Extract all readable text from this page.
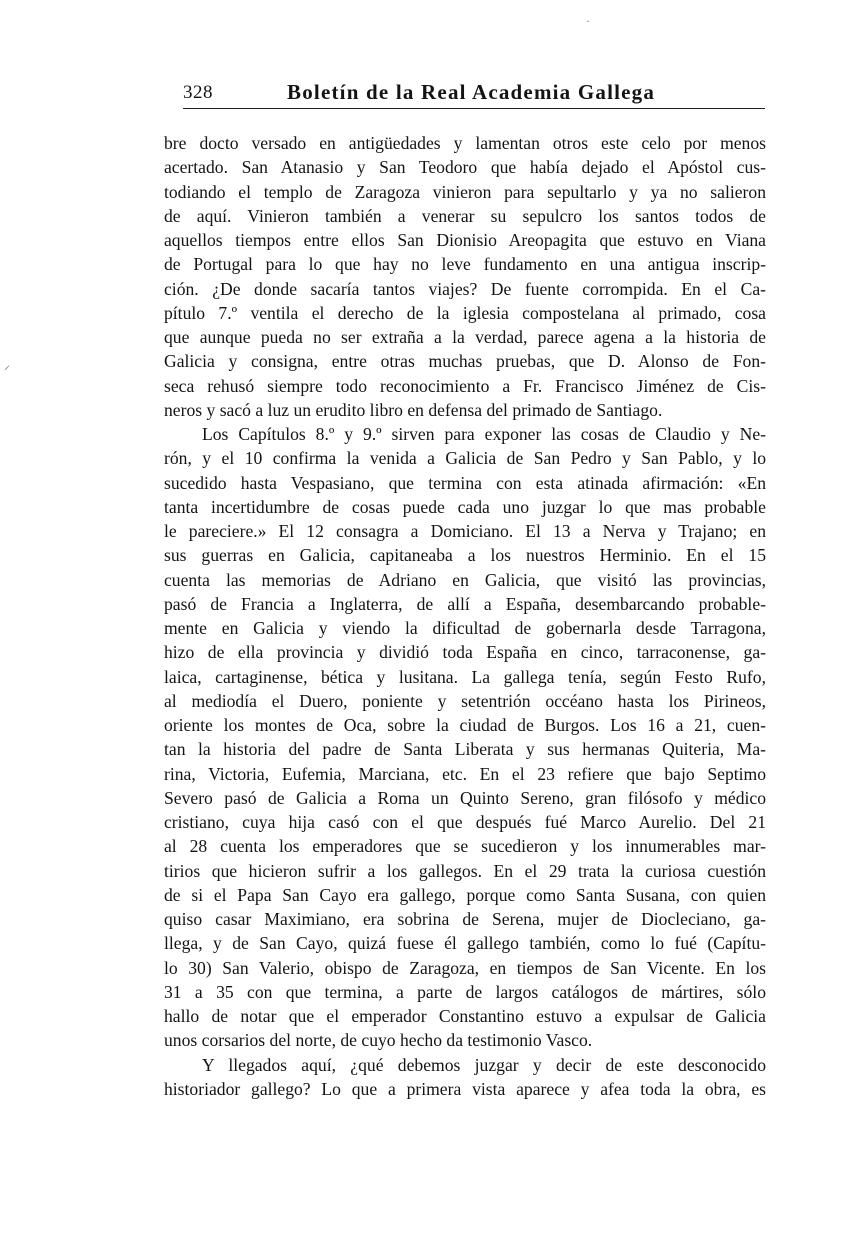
328	Boletín de la Real Academia Gallega
bre docto versado en antigüedades y lamentan otros este celo por menos
acertado. San Atanasio y San Teodoro que había dejado el Apóstol cus-
todiando el templo de Zaragoza vinieron para sepultarlo y ya no salieron
de aquí. Vinieron también a venerar su sepulcro los santos todos de
aquellos tiempos entre ellos San Dionisio Areopagita que estuvo en Viana
de Portugal para lo que hay no leve fundamento en una antigua inscrip-
ción. ¿De donde sacaría tantos viajes? De fuente corrompida. En el Ca-
pítulo 7.º ventila el derecho de la iglesia compostelana al primado, cosa
que aunque pueda no ser extraña a la verdad, parece agena a la historia de
Galicia y consigna, entre otras muchas pruebas, que D. Alonso de Fon-
seca rehusó siempre todo reconocimiento a Fr. Francisco Jiménez de Cis-
neros y sacó a luz un erudito libro en defensa del primado de Santiago.
Los Capítulos 8.º y 9.º sirven para exponer las cosas de Claudio y Ne-
rón, y el 10 confirma la venida a Galicia de San Pedro y San Pablo, y lo
sucedido hasta Vespasiano, que termina con esta atinada afirmación: «En
tanta incertidumbre de cosas puede cada uno juzgar lo que mas probable
le pareciere.» El 12 consagra a Domiciano. El 13 a Nerva y Trajano; en
sus guerras en Galicia, capitaneaba a los nuestros Herminio. En el 15
cuenta las memorias de Adriano en Galicia, que visitó las provincias,
pasó de Francia a Inglaterra, de allí a España, desembarcando probable-
mente en Galicia y viendo la dificultad de gobernarla desde Tarragona,
hizo de ella provincia y dividió toda España en cinco, tarraconense, ga-
laica, cartaginense, bética y lusitana. La gallega tenía, según Festo Rufo,
al mediodía el Duero, poniente y setentrión occéano hasta los Pirineos,
oriente los montes de Oca, sobre la ciudad de Burgos. Los 16 a 21, cuen-
tan la historia del padre de Santa Liberata y sus hermanas Quiteria, Ma-
rina, Victoria, Eufemia, Marciana, etc. En el 23 refiere que bajo Septimo
Severo pasó de Galicia a Roma un Quinto Sereno, gran filósofo y médico
cristiano, cuya hija casó con el que después fué Marco Aurelio. Del 21
al 28 cuenta los emperadores que se sucedieron y los innumerables mar-
tirios que hicieron sufrir a los gallegos. En el 29 trata la curiosa cuestión
de si el Papa San Cayo era gallego, porque como Santa Susana, con quien
quiso casar Maximiano, era sobrina de Serena, mujer de Diocleciano, ga-
llega, y de San Cayo, quizá fuese él gallego también, como lo fué (Capítu-
lo 30) San Valerio, obispo de Zaragoza, en tiempos de San Vicente. En los
31 a 35 con que termina, a parte de largos catálogos de mártires, sólo
hallo de notar que el emperador Constantino estuvo a expulsar de Galicia
unos corsarios del norte, de cuyo hecho da testimonio Vasco.
Y llegados aquí, ¿qué debemos juzgar y decir de este desconocido
historiador gallego? Lo que a primera vista aparece y afea toda la obra, es
⸝
·
